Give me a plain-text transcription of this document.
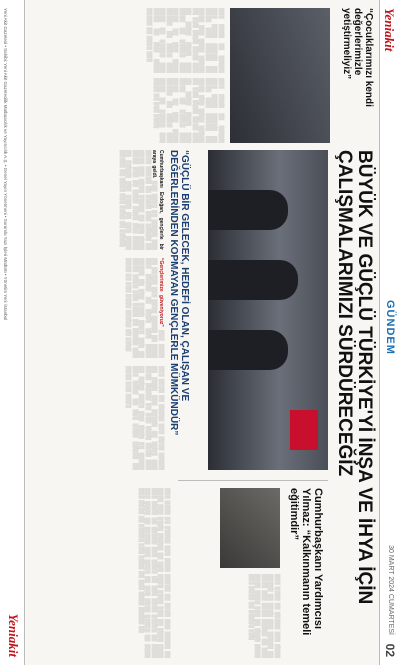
Yeniakit
GÜNDEM
30 MART 2024 CUMARTESİ
02
“Çocuklarımızı kendi değerlerimizle yetiştirmeliyiz”
░░░ ░░░░ ░░ ░░░░░ ░░░ ░░░░ ░░░░░ ░░ ░░░░ ░░░ ░░░░░ ░░ ░░░░ ░░░ ░░░░ ░░░░░ ░░ ░░░ ░░░░ ░░░░ ░░░ ░░ ░░░░ ░░░░ ░░░ ░░░░ ░░ ░░░░░ ░░░ ░░░░ ░░ ░░░ ░░░░ ░░░░░ ░░ ░░░░ ░░░ ░░░░ ░░ ░░░░░ ░░░ ░░░░ ░░ ░░░ ░░░░ ░░░░░ ░░ ░░░░ ░░░
░░░ ░░░░ ░░ ░░░░░ ░░░ ░░░░ ░░░░░ ░░ ░░░░ ░░░ ░░░░░ ░░ ░░░░ ░░░ ░░░░ ░░░░░ ░░ ░░░ ░░░░ ░░░░ ░░░ ░░ ░░░░ ░░░░ ░░░ ░░░░ ░░ ░░░░░ ░░░ ░░░░ ░░ ░░░ ░░░░ ░░░░░ ░░ ░░░░ ░░░ ░░░░ ░░ ░░░░░ ░░░ ░░░░ ░░ ░░░ ░░░░
BÜYÜK VE GÜÇLÜ TÜRKİYE'Yİ İNŞA VE İHYA İÇİN
ÇALIŞMALARIMIZI SÜRDÜRECEĞİZ
“GÜÇLÜ BİR GELECEK, HEDEFİ OLAN, ÇALIŞAN VE DEĞERLERİNDEN KOPMAYAN GENÇLERLE MÜMKÜNDÜR”
Cumhurbaşkanı Erdoğan, gençlerle bir araya geldi. ░░░ ░░░░ ░░ ░░░░░ ░░░ ░░░░ ░░░░░ ░░ ░░░░ ░░░ ░░░░░ ░░ ░░░░ ░░░ ░░░░ ░░░░░ ░░ ░░░ ░░░░ ░░░░ ░░░ ░░ ░░░░ ░░░░ ░░░ ░░░░ ░░ ░░░░░ ░░░ ░░░░ ░░ ░░░ ░░░░ ░░░░░ ░░ ░░░░ ░░░ ░░░░ ░░ ░░░░░
“Gençlerimize güveniyoruz” ░░░ ░░░░ ░░ ░░░░░ ░░░ ░░░░ ░░░░░ ░░ ░░░░ ░░░ ░░░░░ ░░ ░░░░ ░░░ ░░░░ ░░░░░ ░░ ░░░ ░░░░ ░░░░ ░░░ ░░ ░░░░ ░░░░ ░░░ ░░░░ ░░ ░░░░░ ░░░ ░░░░ ░░ ░░░ ░░░░ ░░░░░ ░░ ░░░░
░░░ ░░░░ ░░ ░░░░░ ░░░ ░░░░ ░░░░░ ░░ ░░░░ ░░░ ░░░░░ ░░ ░░░░ ░░░ ░░░░ ░░░░░ ░░ ░░░ ░░░░ ░░░░ ░░░ ░░ ░░░░ ░░░░ ░░░ ░░░░ ░░ ░░░░░ ░░░ ░░░░ ░░ ░░░ ░░░░ ░░░░░ ░░ ░░░░ ░░░ ░░░░
Cumhurbaşkanı Yardımcısı Yılmaz: “Kalkınmanın temeli eğitimdir”
░░░ ░░░░ ░░ ░░░░░ ░░░ ░░░░ ░░░░░ ░░ ░░░░ ░░░ ░░░░░ ░░ ░░░░ ░░░ ░░░░ ░░░░░ ░░ ░░░ ░░░░ ░░░░ ░░░ ░░ ░░░░ ░░░░ ░░░ ░░░░ ░░ ░░░░░ ░░░
░░░ ░░░░ ░░ ░░░░░ ░░░ ░░░░ ░░░░░ ░░ ░░░░ ░░░ ░░░░░ ░░ ░░░░ ░░░ ░░░░ ░░░░░ ░░ ░░░ ░░░░ ░░░░ ░░░ ░░ ░░░░ ░░░░ ░░░ ░░░░ ░░ ░░░░░ ░░░ ░░░░ ░░ ░░░ ░░░░ ░░░░░ ░░ ░░░░ ░░░ ░░░░ ░░ ░░░░░ ░░░ ░░░░ ░░ ░░░ ░░░░ ░░░░░ ░░ ░░░░ ░░░ ░░░░ ░░ ░░░░░ ░░░ ░░░░ ░░ ░░░ ░░░░ ░░░░░ ░░
Yeni Akit Gazetesi • Sahibi: Yeni Akit Gazetecilik Matbaacılık ve Yayıncılık A.Ş. • Genel Yayın Yönetmeni • Sorumlu Yazı İşleri Müdürü • Yönetim Yeri: İstanbul
Yeniakit
